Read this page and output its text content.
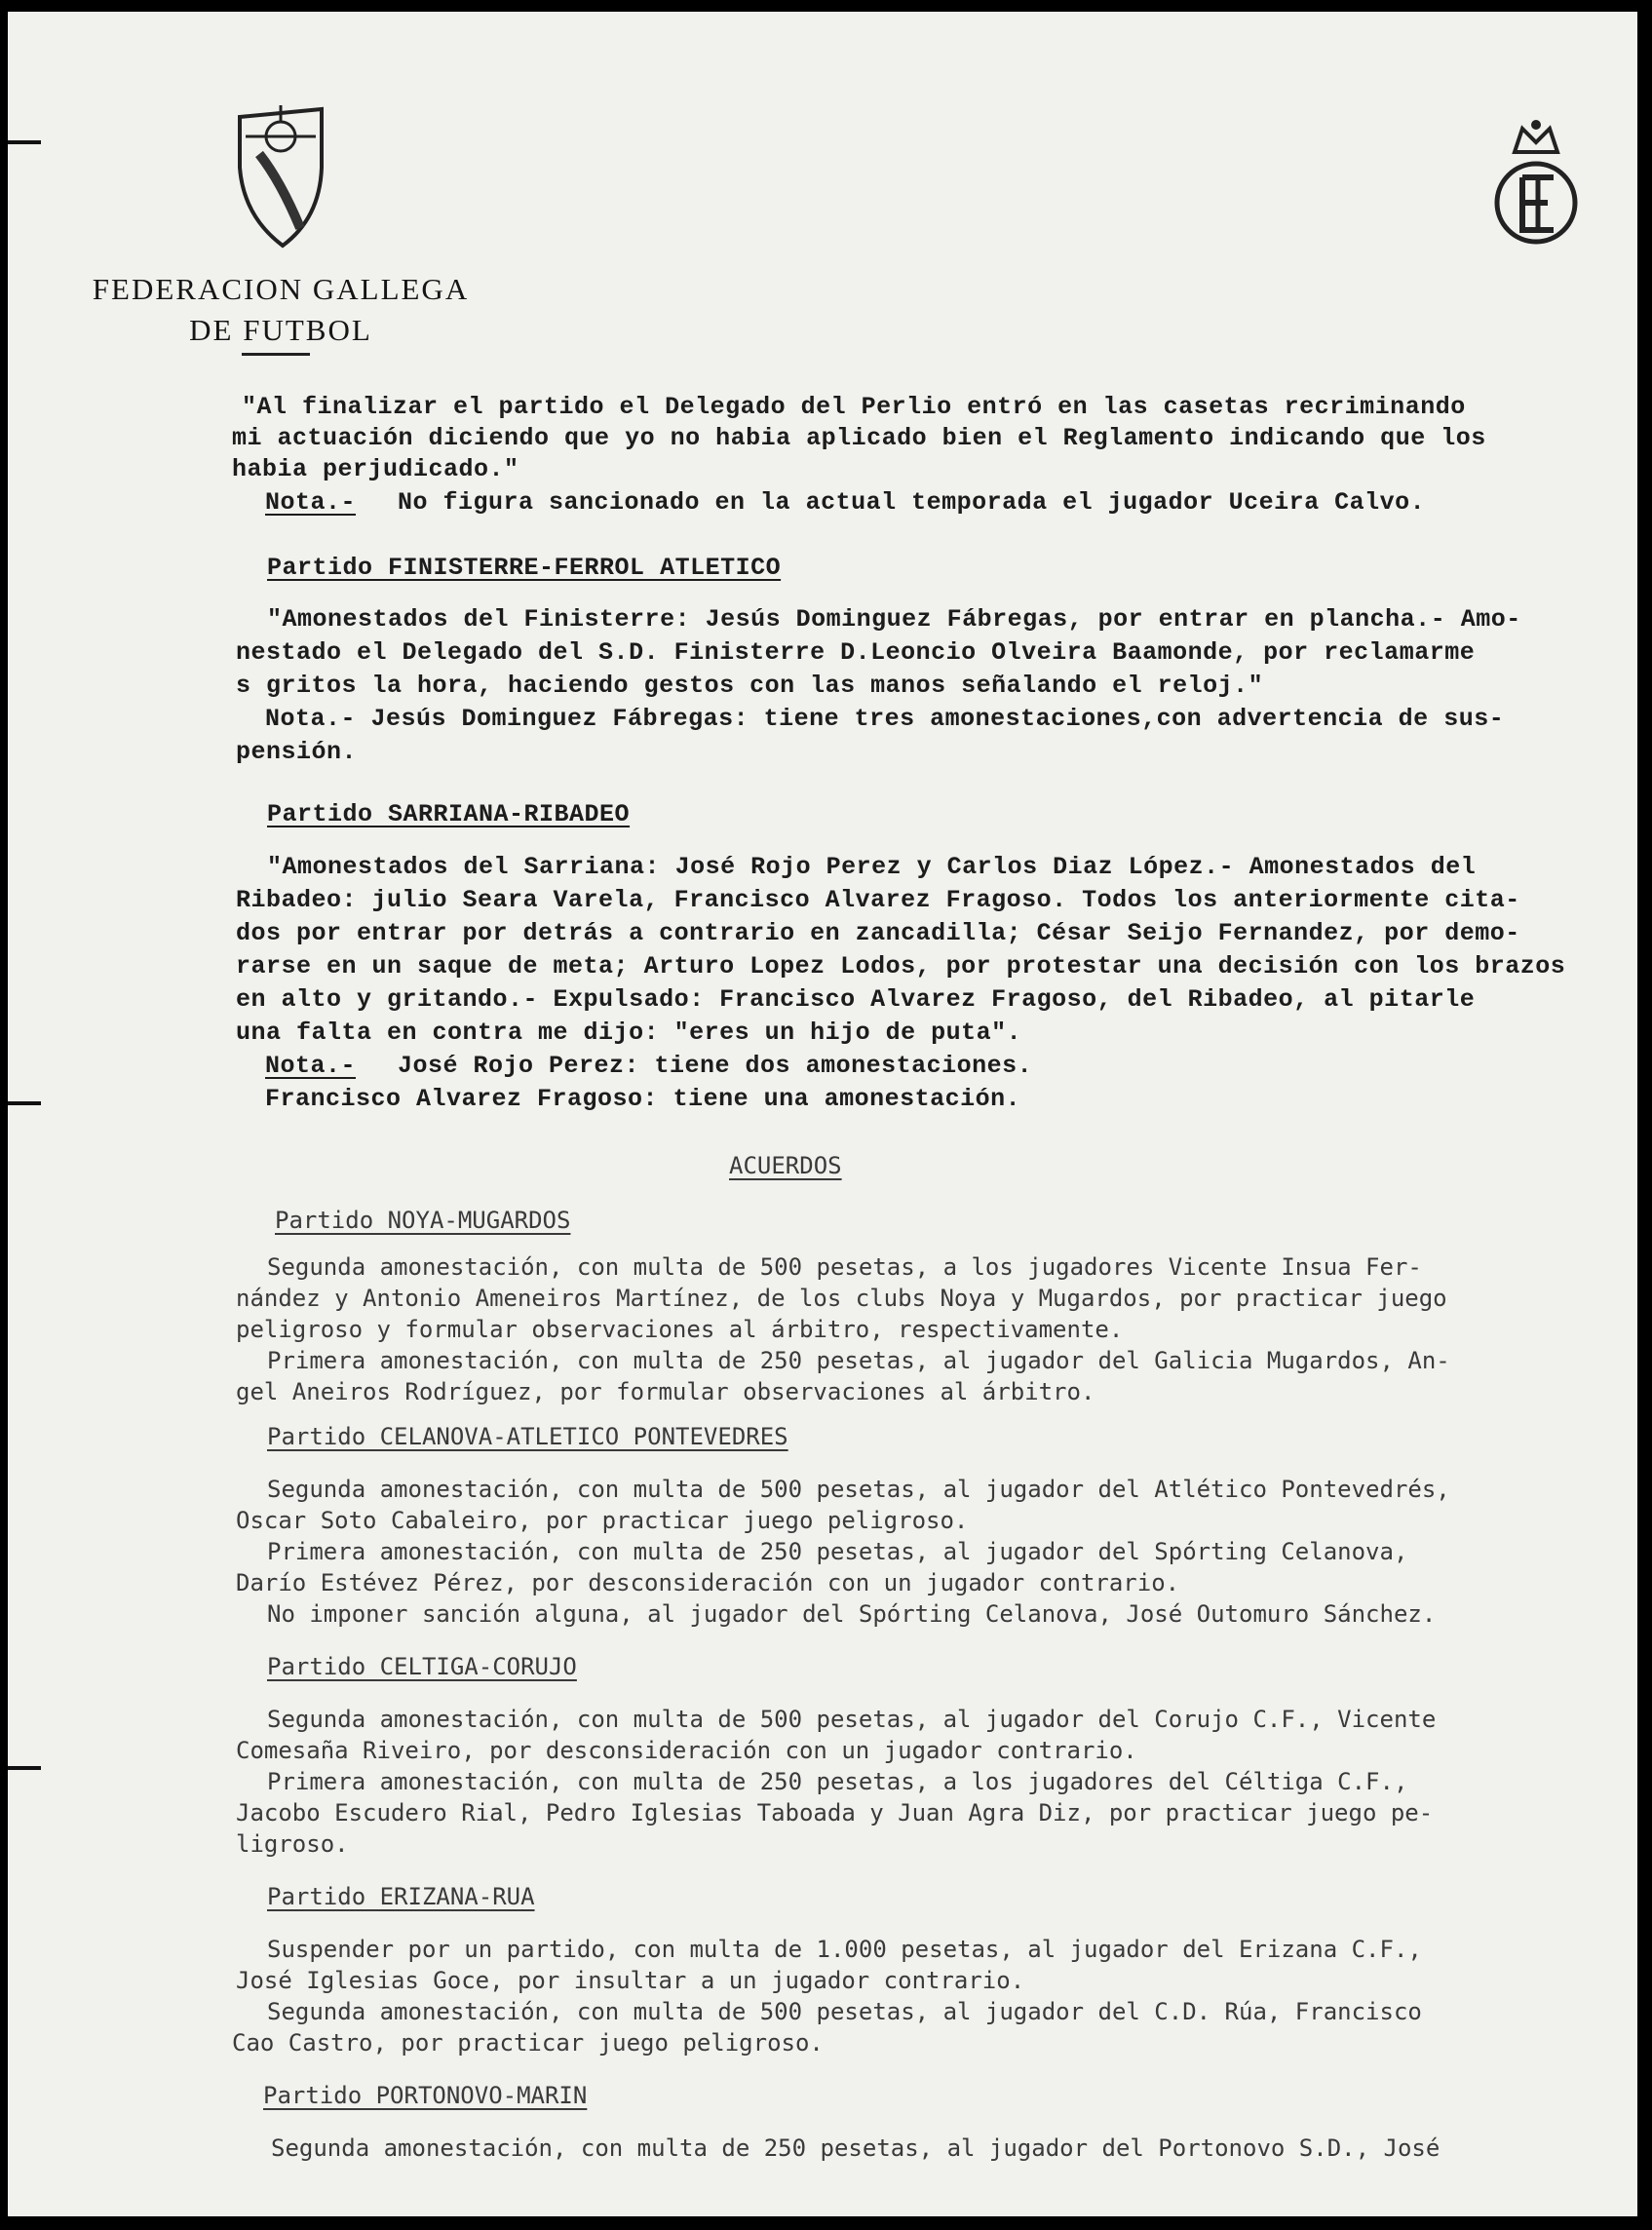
FEDERACION GALLEGA
DE FUTBOL
"Al finalizar el partido el Delegado del Perlio entró en las casetas recriminando
mi actuación diciendo que yo no habia aplicado bien el Reglamento indicando que los
habia perjudicado."
Nota.- No figura sancionado en la actual temporada el jugador Uceira Calvo.
Partido FINISTERRE-FERROL ATLETICO
"Amonestados del Finisterre: Jesús Dominguez Fábregas, por entrar en plancha.- Amo-
nestado el Delegado del S.D. Finisterre D.Leoncio Olveira Baamonde, por reclamarme
s gritos la hora, haciendo gestos con las manos señalando el reloj."
Nota.- Jesús Dominguez Fábregas: tiene tres amonestaciones,con advertencia de sus-
pensión.
Partido SARRIANA-RIBADEO
"Amonestados del Sarriana: José Rojo Perez y Carlos Diaz López.- Amonestados del
Ribadeo: julio Seara Varela, Francisco Alvarez Fragoso. Todos los anteriormente cita-
dos por entrar por detrás a contrario en zancadilla; César Seijo Fernandez, por demo-
rarse en un saque de meta; Arturo Lopez Lodos, por protestar una decisión con los brazos
en alto y gritando.- Expulsado: Francisco Alvarez Fragoso, del Ribadeo, al pitarle
una falta en contra me dijo: "eres un hijo de puta".
Nota.- José Rojo Perez: tiene dos amonestaciones.
Francisco Alvarez Fragoso: tiene una amonestación.
ACUERDOS
Partido NOYA-MUGARDOS
Segunda amonestación, con multa de 500 pesetas, a los jugadores Vicente Insua Fer-
nández y Antonio Ameneiros Martínez, de los clubs Noya y Mugardos, por practicar juego
peligroso y formular observaciones al árbitro, respectivamente.
Primera amonestación, con multa de 250 pesetas, al jugador del Galicia Mugardos, An-
gel Aneiros Rodríguez, por formular observaciones al árbitro.
Partido CELANOVA-ATLETICO PONTEVEDRES
Segunda amonestación, con multa de 500 pesetas, al jugador del Atlético Pontevedrés,
Oscar Soto Cabaleiro, por practicar juego peligroso.
Primera amonestación, con multa de 250 pesetas, al jugador del Spórting Celanova,
Darío Estévez Pérez, por desconsideración con un jugador contrario.
No imponer sanción alguna, al jugador del Spórting Celanova, José Outomuro Sánchez.
Partido CELTIGA-CORUJO
Segunda amonestación, con multa de 500 pesetas, al jugador del Corujo C.F., Vicente
Comesaña Riveiro, por desconsideración con un jugador contrario.
Primera amonestación, con multa de 250 pesetas, a los jugadores del Céltiga C.F.,
Jacobo Escudero Rial, Pedro Iglesias Taboada y Juan Agra Diz, por practicar juego pe-
ligroso.
Partido ERIZANA-RUA
Suspender por un partido, con multa de 1.000 pesetas, al jugador del Erizana C.F.,
José Iglesias Goce, por insultar a un jugador contrario.
Segunda amonestación, con multa de 500 pesetas, al jugador del C.D. Rúa, Francisco
Cao Castro, por practicar juego peligroso.
Partido PORTONOVO-MARIN
Segunda amonestación, con multa de 250 pesetas, al jugador del Portonovo S.D., José
